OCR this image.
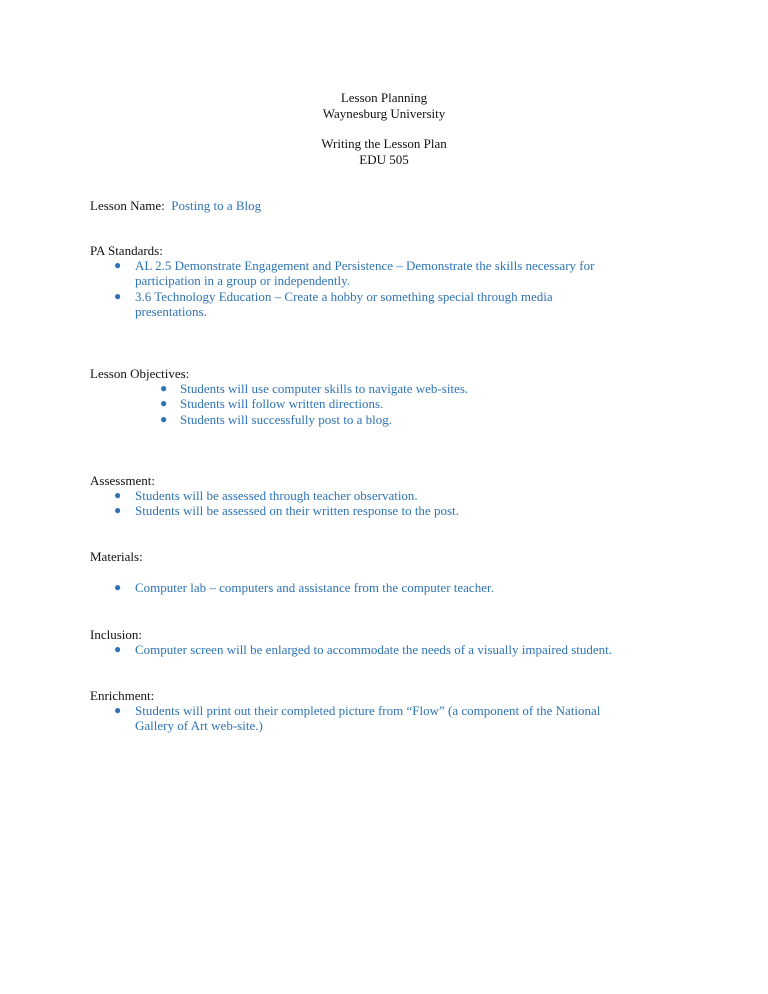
Lesson Planning
Waynesburg University
Writing the Lesson Plan
EDU 505
Lesson Name: Posting to a Blog
PA Standards:
● AL 2.5 Demonstrate Engagement and Persistence – Demonstrate the skills necessary for
participation in a group or independently.
● 3.6 Technology Education – Create a hobby or something special through media
presentations.
Lesson Objectives:
● Students will use computer skills to navigate web-sites.
● Students will follow written directions.
● Students will successfully post to a blog.
Assessment:
● Students will be assessed through teacher observation.
● Students will be assessed on their written response to the post.
Materials:
● Computer lab – computers and assistance from the computer teacher.
Inclusion:
● Computer screen will be enlarged to accommodate the needs of a visually impaired student.
Enrichment:
● Students will print out their completed picture from “Flow” (a component of the National
Gallery of Art web-site.)
